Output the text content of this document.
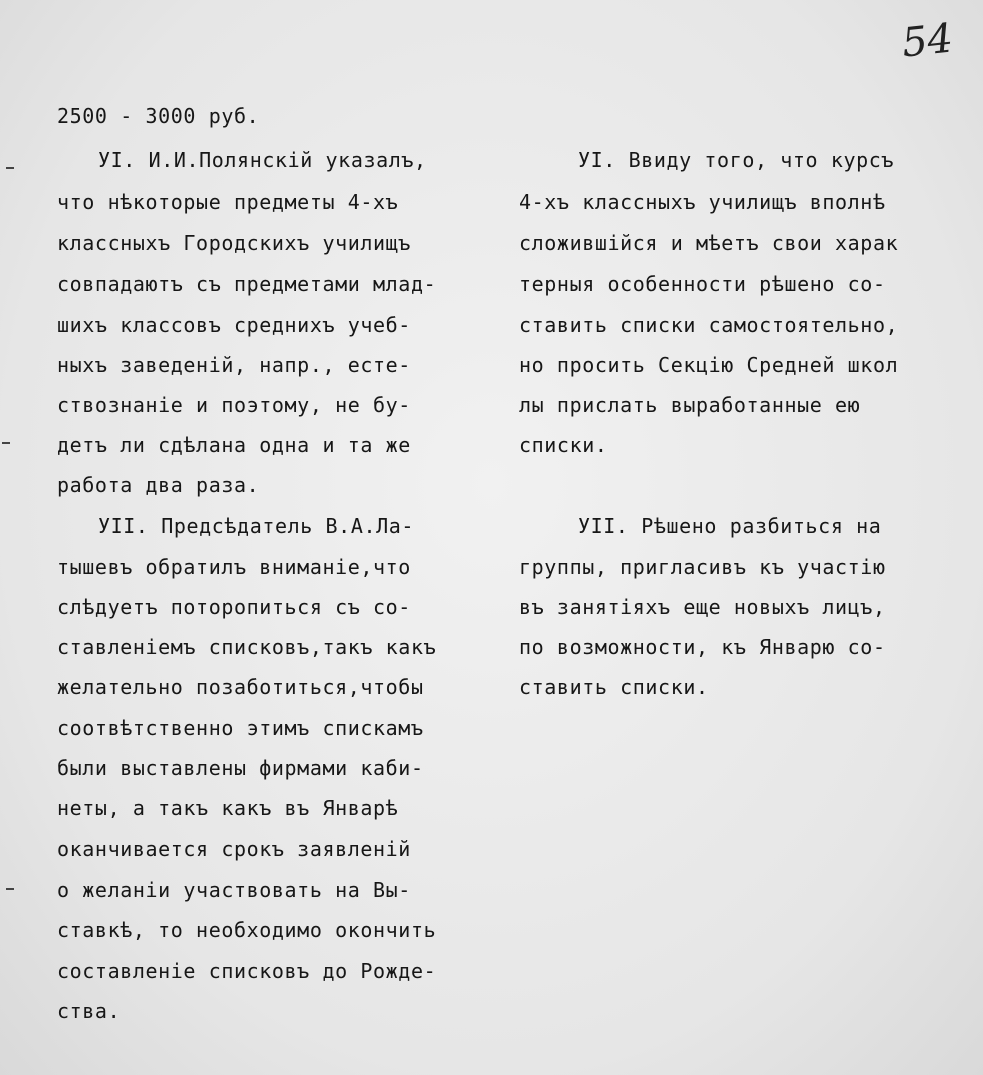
​
54
2500 - 3000 руб.
УI. И.И.Полянскій указалъ,
что нѣкоторые предметы 4-хъ
классныхъ Городскихъ училищъ
совпадаютъ съ предметами млад-
шихъ классовъ среднихъ учеб-
ныхъ заведеній, напр., есте-
ствознаніе и поэтому, не бу-
детъ ли сдѣлана одна и та же
работа два раза.
УII. Предсѣдатель В.А.Ла-
тышевъ обратилъ вниманіе,что
слѣдуетъ поторопиться съ со-
ставленіемъ списковъ,такъ какъ
желательно позаботиться,чтобы
соотвѣтственно этимъ спискамъ
были выставлены фирмами каби-
неты, а такъ какъ въ Январѣ
оканчивается срокъ заявленій
о желаніи участвовать на Вы-
ставкѣ, то необходимо окончить
составленіе списковъ до Рожде-
ства.
УI. Ввиду того, что курсъ
4-хъ классныхъ училищъ вполнѣ
сложившійся и мѣетъ свои харак
терныя особенности рѣшено со-
ставить списки самостоятельно,
но просить Секцію Средней школ
лы прислать выработанные ею
списки.
УII. Рѣшено разбиться на
группы, пригласивъ къ участію
въ занятіяхъ еще новыхъ лицъ,
по возможности, къ Январю со-
ставить списки.
